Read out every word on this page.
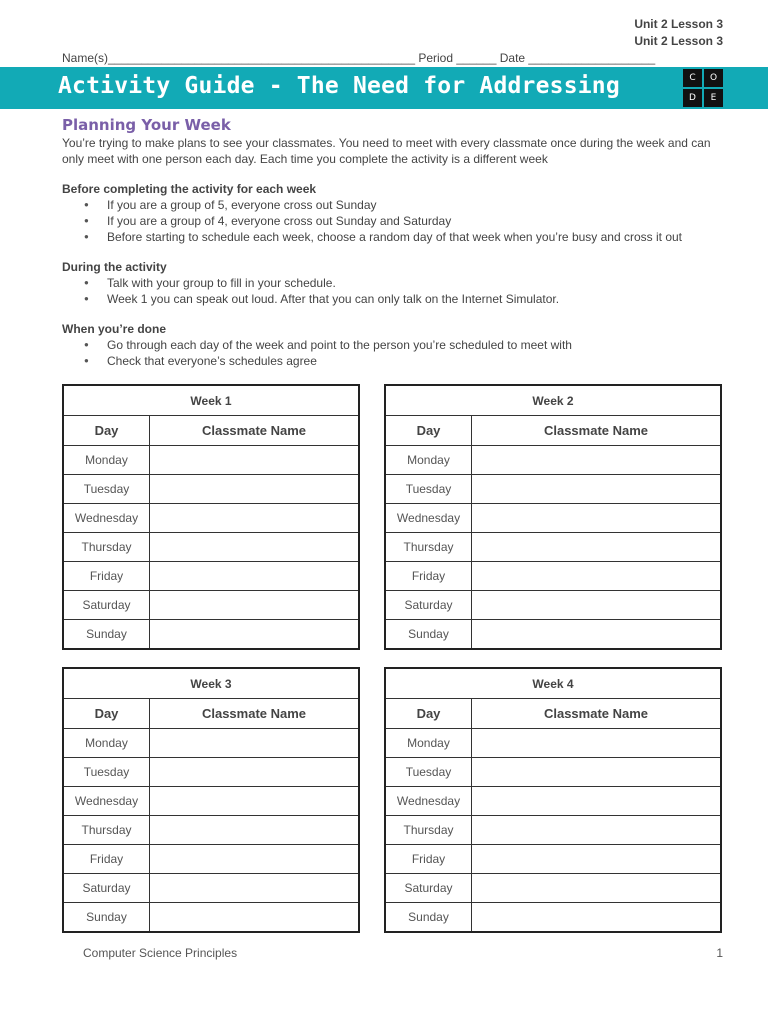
Unit 2 Lesson 3
Unit 2 Lesson 3
Name(s)______________________________________________ Period ______ Date ___________________
Activity Guide - The Need for Addressing	C	O
D	E
Planning Your Week
You’re trying to make plans to see your classmates. You need to meet with every classmate once during the week and can only meet with one person each day. Each time you complete the activity is a different week
Before completing the activity for each week
● If you are a group of 5, everyone cross out Sunday
● If you are a group of 4, everyone cross out Sunday and Saturday
● Before starting to schedule each week, choose a random day of that week when you’re busy and cross it out
During the activity
● Talk with your group to fill in your schedule.
● Week 1 you can speak out loud. After that you can only talk on the Internet Simulator.
When you’re done
● Go through each day of the week and point to the person you’re scheduled to meet with
● Check that everyone’s schedules agree
Week 1	
Day	Classmate Name
Monday	
Tuesday	
Wednesday	
Thursday	
Friday	
Saturday	
Sunday	
Week 2	
Day	Classmate Name
Monday	
Tuesday	
Wednesday	
Thursday	
Friday	
Saturday	
Sunday	
Week 3	
Day	Classmate Name
Monday	
Tuesday	
Wednesday	
Thursday	
Friday	
Saturday	
Sunday	
Week 4	
Day	Classmate Name
Monday	
Tuesday	
Wednesday	
Thursday	
Friday	
Saturday	
Sunday	
Computer Science Principles	1
